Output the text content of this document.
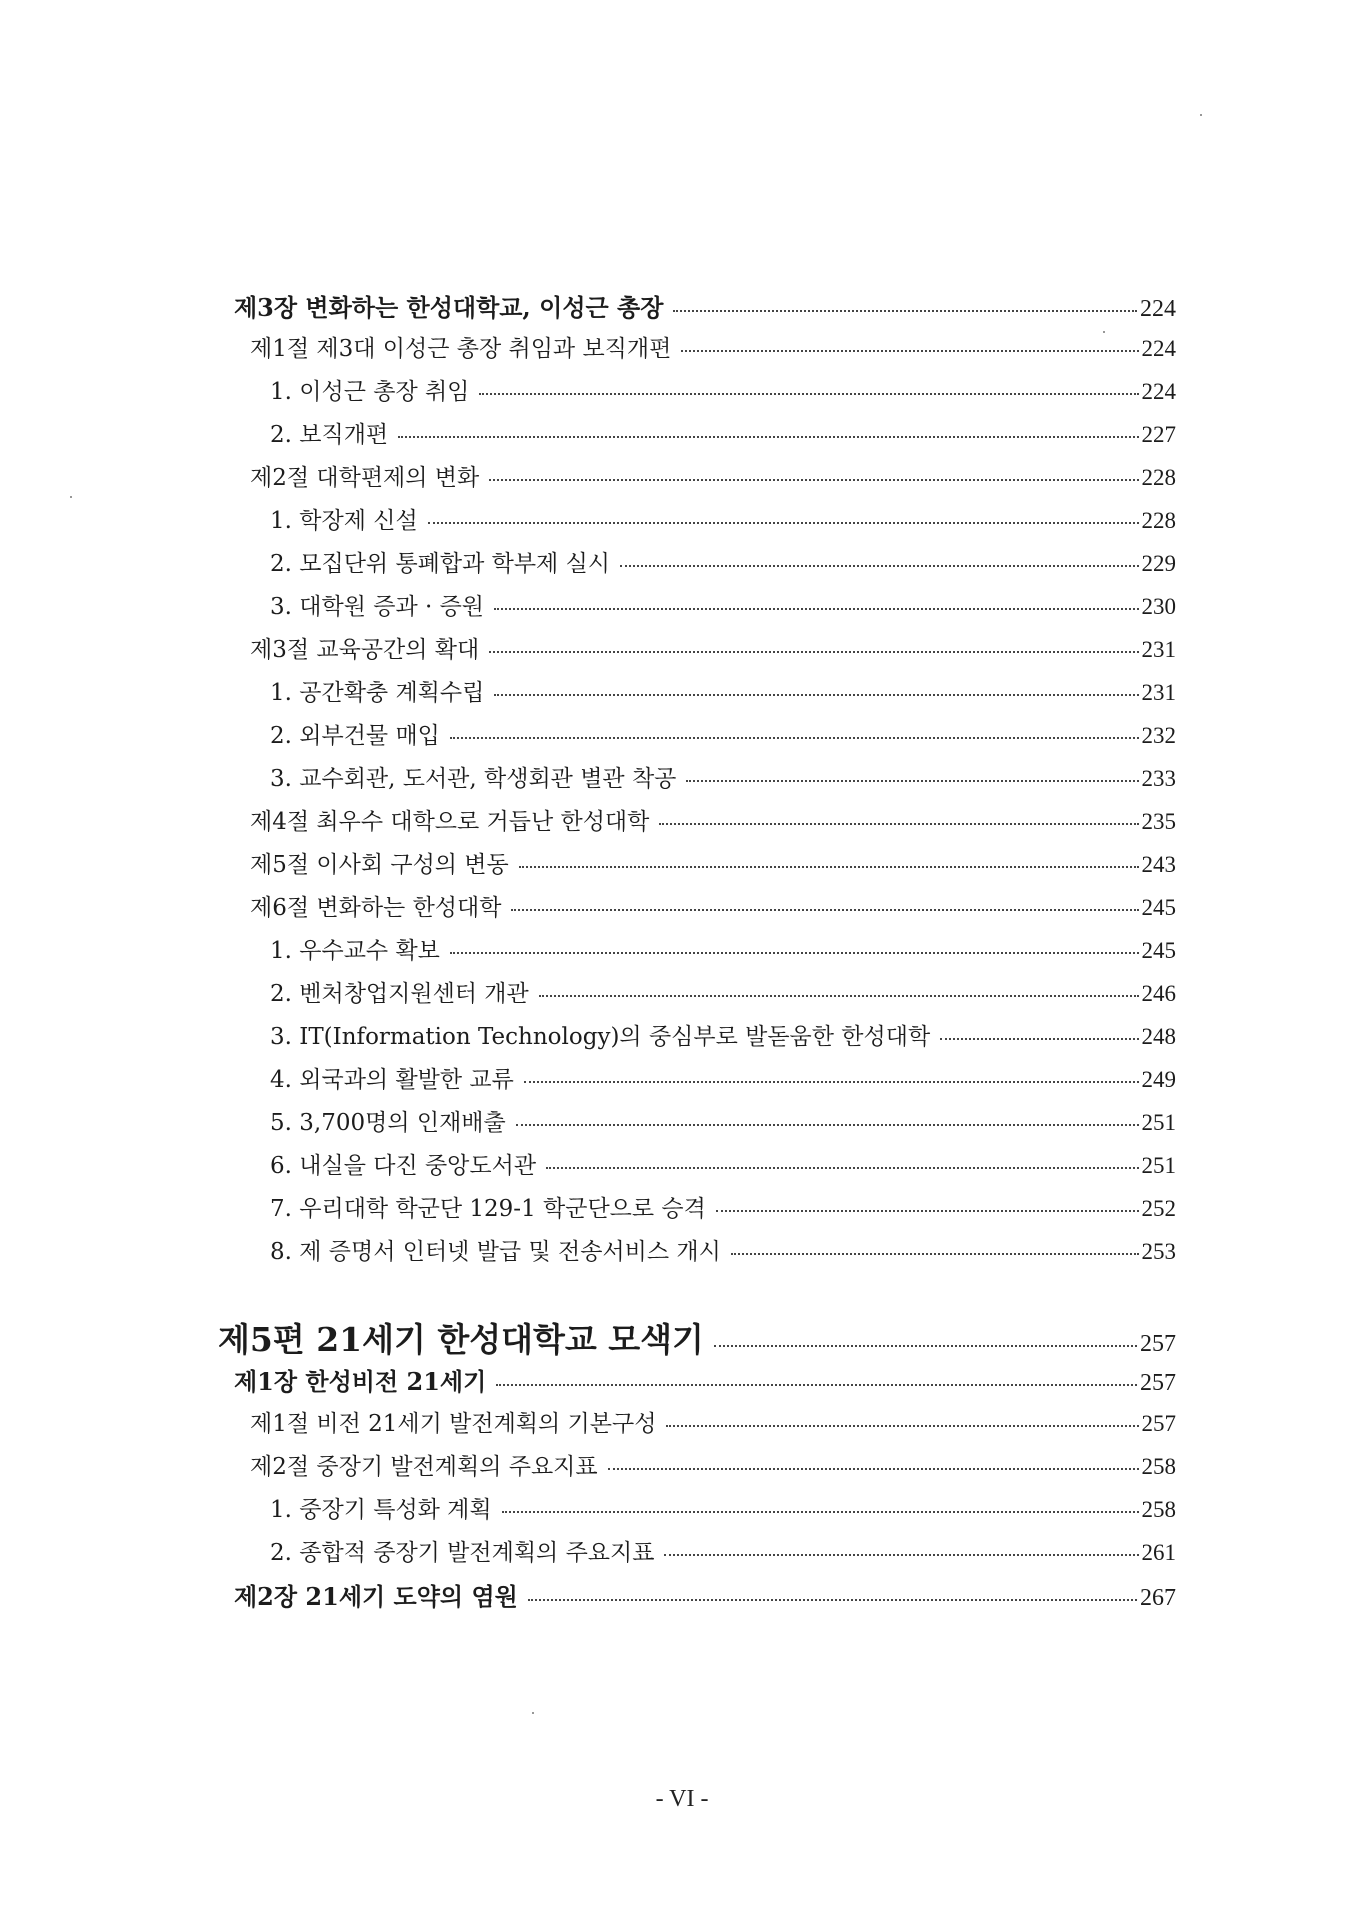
제3장 변화하는 한성대학교, 이성근 총장	224
제1절 제3대 이성근 총장 취임과 보직개편	224
1. 이성근 총장 취임	224
2. 보직개편	227
제2절 대학편제의 변화	228
1. 학장제 신설	228
2. 모집단위 통폐합과 학부제 실시	229
3. 대학원 증과 · 증원	230
제3절 교육공간의 확대	231
1. 공간확충 계획수립	231
2. 외부건물 매입	232
3. 교수회관, 도서관, 학생회관 별관 착공	233
제4절 최우수 대학으로 거듭난 한성대학	235
제5절 이사회 구성의 변동	243
제6절 변화하는 한성대학	245
1. 우수교수 확보	245
2. 벤처창업지원센터 개관	246
3. IT(Information Technology)의 중심부로 발돋움한 한성대학	248
4. 외국과의 활발한 교류	249
5. 3,700명의 인재배출	251
6. 내실을 다진 중앙도서관	251
7. 우리대학 학군단 129-1 학군단으로 승격	252
8. 제 증명서 인터넷 발급 및 전송서비스 개시	253
제5편 21세기 한성대학교 모색기	257
제1장 한성비전 21세기	257
제1절 비전 21세기 발전계획의 기본구성	257
제2절 중장기 발전계획의 주요지표	258
1. 중장기 특성화 계획	258
2. 종합적 중장기 발전계획의 주요지표	261
제2장 21세기 도약의 염원	267
- VI -
